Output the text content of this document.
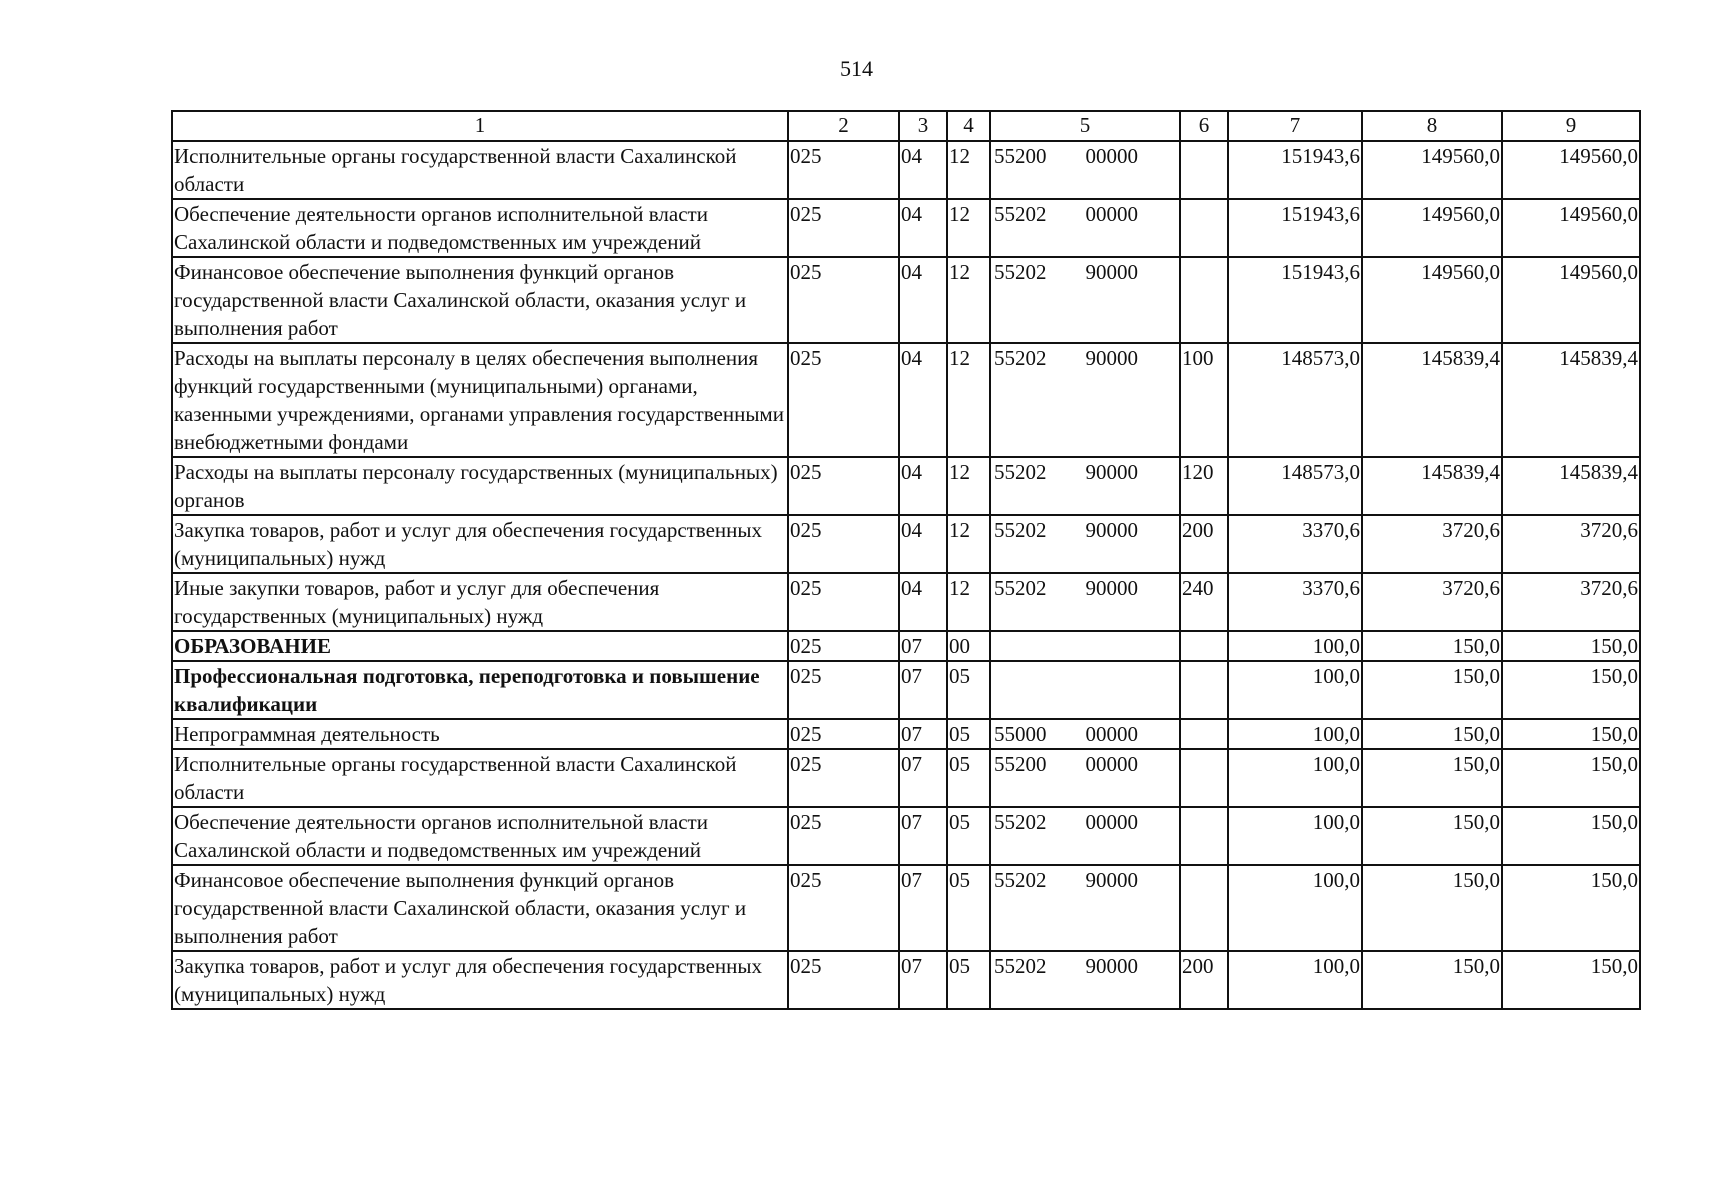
514
1	2	3	4	5	6	7	8	9
Исполнительные органы государственной власти Сахалинской области	025	04	12	55200 00000		151943,6	149560,0	149560,0
Обеспечение деятельности органов исполнительной власти Сахалинской области и подведомственных им учреждений	025	04	12	55202 00000		151943,6	149560,0	149560,0
Финансовое обеспечение выполнения функций органов государственной власти Сахалинской области, оказания услуг и выполнения работ	025	04	12	55202 90000		151943,6	149560,0	149560,0
Расходы на выплаты персоналу в целях обеспечения выполнения функций государственными (муниципальными) органами, казенными учреждениями, органами управления государственными внебюджетными фондами	025	04	12	55202 90000	100	148573,0	145839,4	145839,4
Расходы на выплаты персоналу государственных (муниципальных) органов	025	04	12	55202 90000	120	148573,0	145839,4	145839,4
Закупка товаров, работ и услуг для обеспечения государственных (муниципальных) нужд	025	04	12	55202 90000	200	3370,6	3720,6	3720,6
Иные закупки товаров, работ и услуг для обеспечения государственных (муниципальных) нужд	025	04	12	55202 90000	240	3370,6	3720,6	3720,6
ОБРАЗОВАНИЕ	025	07	00			100,0	150,0	150,0
Профессиональная подготовка, переподготовка и повышение квалификации	025	07	05			100,0	150,0	150,0
Непрограммная деятельность	025	07	05	55000 00000		100,0	150,0	150,0
Исполнительные органы государственной власти Сахалинской области	025	07	05	55200 00000		100,0	150,0	150,0
Обеспечение деятельности органов исполнительной власти Сахалинской области и подведомственных им учреждений	025	07	05	55202 00000		100,0	150,0	150,0
Финансовое обеспечение выполнения функций органов государственной власти Сахалинской области, оказания услуг и выполнения работ	025	07	05	55202 90000		100,0	150,0	150,0
Закупка товаров, работ и услуг для обеспечения государственных (муниципальных) нужд	025	07	05	55202 90000	200	100,0	150,0	150,0
